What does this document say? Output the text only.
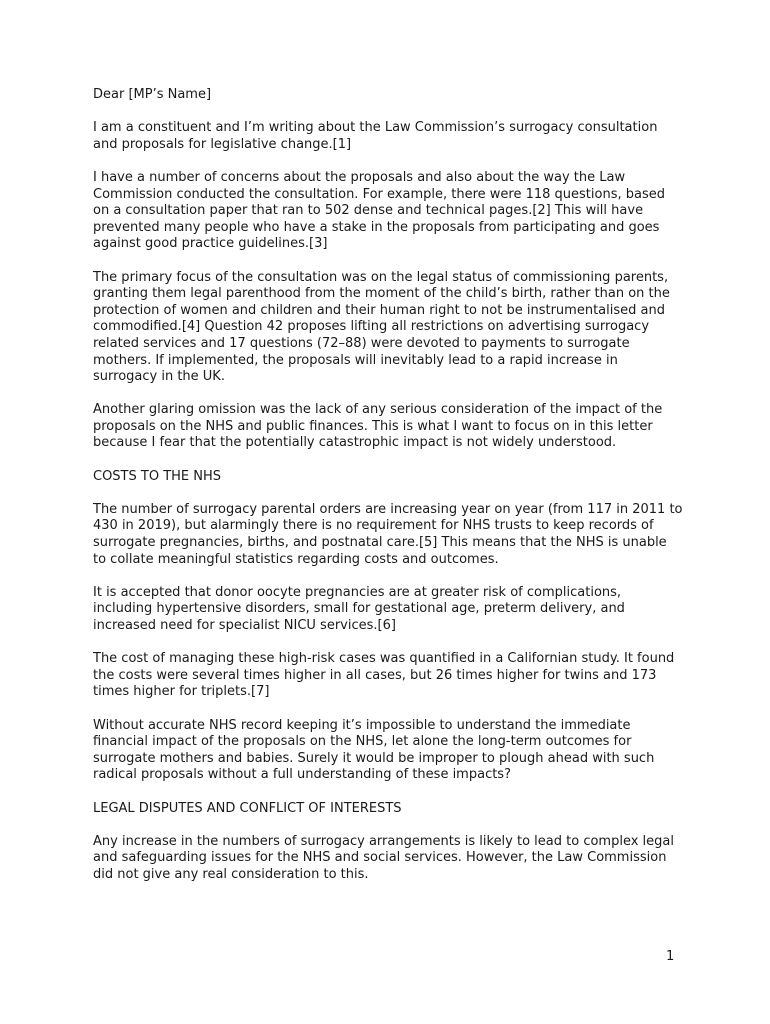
Dear [MP’s Name]

I am a constituent and I’m writing about the Law Commission’s surrogacy consultation and proposals for legislative change.[1]

I have a number of concerns about the proposals and also about the way the Law Commission conducted the consultation. For example, there were 118 questions, based on a consultation paper that ran to 502 dense and technical pages.[2] This will have prevented many people who have a stake in the proposals from participating and goes against good practice guidelines.[3]

The primary focus of the consultation was on the legal status of commissioning parents, granting them legal parenthood from the moment of the child’s birth, rather than on the protection of women and children and their human right to not be instrumentalised and commodified.[4] Question 42 proposes lifting all restrictions on advertising surrogacy related services and 17 questions (72–88) were devoted to payments to surrogate mothers. If implemented, the proposals will inevitably lead to a rapid increase in surrogacy in the UK.

Another glaring omission was the lack of any serious consideration of the impact of the proposals on the NHS and public finances. This is what I want to focus on in this letter because I fear that the potentially catastrophic impact is not widely understood.

COSTS TO THE NHS

The number of surrogacy parental orders are increasing year on year (from 117 in 2011 to 430 in 2019), but alarmingly there is no requirement for NHS trusts to keep records of surrogate pregnancies, births, and postnatal care.[5] This means that the NHS is unable to collate meaningful statistics regarding costs and outcomes.

It is accepted that donor oocyte pregnancies are at greater risk of complications, including hypertensive disorders, small for gestational age, preterm delivery, and increased need for specialist NICU services.[6]

The cost of managing these high-risk cases was quantified in a Californian study. It found the costs were several times higher in all cases, but 26 times higher for twins and 173 times higher for triplets.[7]

Without accurate NHS record keeping it’s impossible to understand the immediate financial impact of the proposals on the NHS, let alone the long-term outcomes for surrogate mothers and babies. Surely it would be improper to plough ahead with such radical proposals without a full understanding of these impacts?

LEGAL DISPUTES AND CONFLICT OF INTERESTS

Any increase in the numbers of surrogacy arrangements is likely to lead to complex legal and safeguarding issues for the NHS and social services. However, the Law Commission did not give any real consideration to this.

1
